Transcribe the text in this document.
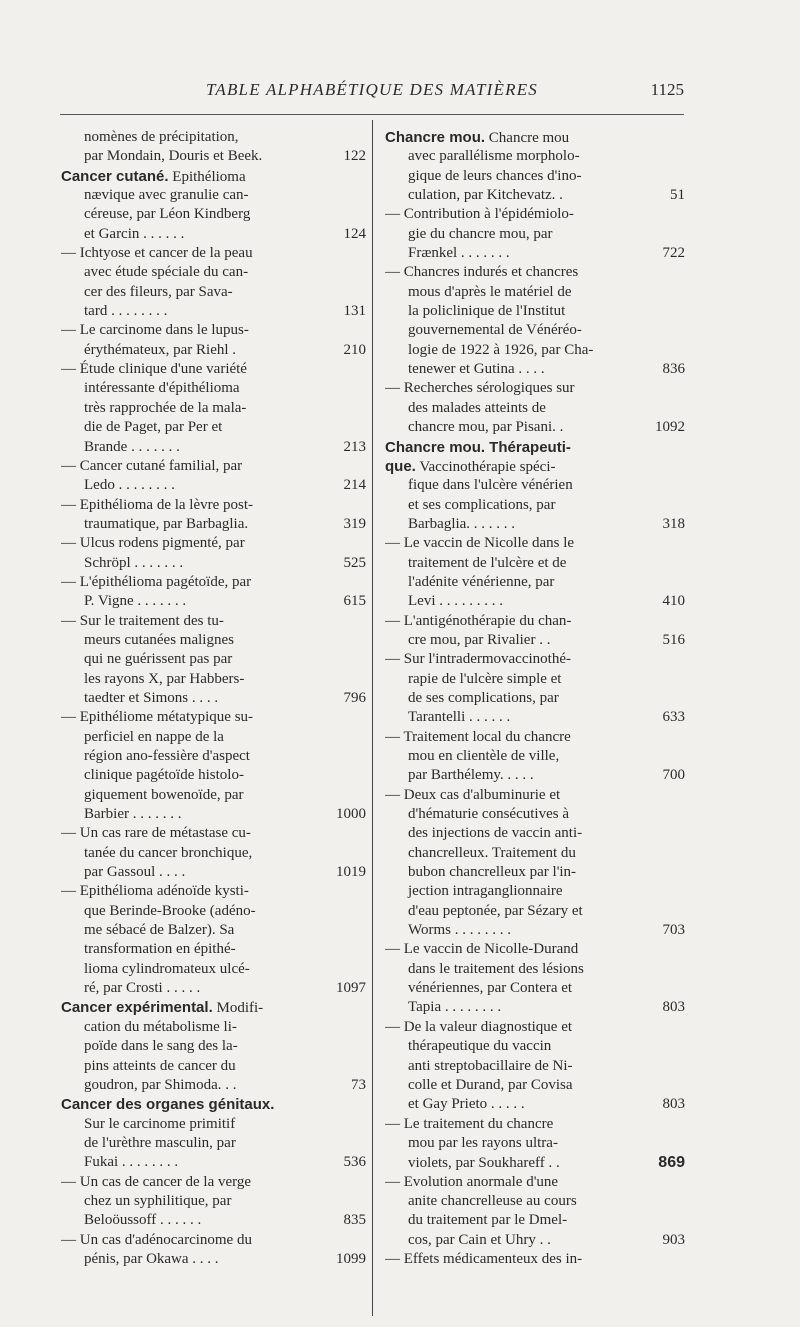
TABLE ALPHABÉTIQUE DES MATIÈRES	1125
nomènes de précipitation,
par Mondain, Douris et Beek.	122
Cancer cutané. Epithélioma
nævique avec granulie can-
céreuse, par Léon Kindberg
et Garcin . . . . . .	124
— Ichtyose et cancer de la peau
avec étude spéciale du can-
cer des fileurs, par Sava-
tard . . . . . . . .	131
— Le carcinome dans le lupus-
érythémateux, par Riehl .	210
— Étude clinique d'une variété
intéressante d'épithélioma
très rapprochée de la mala-
die de Paget, par Per et
Brande . . . . . . .	213
— Cancer cutané familial, par
Ledo . . . . . . . .	214
— Epithélioma de la lèvre post-
traumatique, par Barbaglia.	319
— Ulcus rodens pigmenté, par
Schröpl . . . . . . .	525
— L'épithélioma pagétoïde, par
P. Vigne . . . . . . .	615
— Sur le traitement des tu-
meurs cutanées malignes
qui ne guérissent pas par
les rayons X, par Habbers-
taedter et Simons . . . .	796
— Epithéliome métatypique su-
perficiel en nappe de la
région ano-fessière d'aspect
clinique pagétoïde histolo-
giquement bowenoïde, par
Barbier . . . . . . .	1000
— Un cas rare de métastase cu-
tanée du cancer bronchique,
par Gassoul . . . .	1019
— Epithélioma adénoïde kysti-
que Berinde-Brooke (adéno-
me sébacé de Balzer). Sa
transformation en épithé-
lioma cylindromateux ulcé-
ré, par Crosti . . . . .	1097
Cancer expérimental. Modifi-
cation du métabolisme li-
poïde dans le sang des la-
pins atteints de cancer du
goudron, par Shimoda. . .	73
Cancer des organes génitaux.
Sur le carcinome primitif
de l'urèthre masculin, par
Fukai . . . . . . . .	536
— Un cas de cancer de la verge
chez un syphilitique, par
Beloöussoff . . . . . .	835
— Un cas d'adénocarcinome du
pénis, par Okawa . . . .	1099
Chancre mou. Chancre mou
avec parallélisme morpholo-
gique de leurs chances d'ino-
culation, par Kitchevatz. .	51
— Contribution à l'épidémiolo-
gie du chancre mou, par
Frænkel . . . . . . .	722
— Chancres indurés et chancres
mous d'après le matériel de
la policlinique de l'Institut
gouvernemental de Vénéréo-
logie de 1922 à 1926, par Cha-
tenewer et Gutina . . . .	836
— Recherches sérologiques sur
des malades atteints de
chancre mou, par Pisani. .	1092
Chancre mou. Thérapeuti-
que. Vaccinothérapie spéci-
fique dans l'ulcère vénérien
et ses complications, par
Barbaglia. . . . . . .	318
— Le vaccin de Nicolle dans le
traitement de l'ulcère et de
l'adénite vénérienne, par
Levi . . . . . . . . .	410
— L'antigénothérapie du chan-
cre mou, par Rivalier . .	516
— Sur l'intradermovaccinothé-
rapie de l'ulcère simple et
de ses complications, par
Tarantelli . . . . . .	633
— Traitement local du chancre
mou en clientèle de ville,
par Barthélemy. . . . .	700
— Deux cas d'albuminurie et
d'hématurie consécutives à
des injections de vaccin anti-
chancrelleux. Traitement du
bubon chancrelleux par l'in-
jection intraganglionnaire
d'eau peptonée, par Sézary et
Worms . . . . . . . .	703
— Le vaccin de Nicolle-Durand
dans le traitement des lésions
vénériennes, par Contera et
Tapia . . . . . . . .	803
— De la valeur diagnostique et
thérapeutique du vaccin
anti streptobacillaire de Ni-
colle et Durand, par Covisa
et Gay Prieto . . . . .	803
— Le traitement du chancre
mou par les rayons ultra-
violets, par Soukhareff . .	869
— Evolution anormale d'une
anite chancrelleuse au cours
du traitement par le Dmel-
cos, par Cain et Uhry . .	903
— Effets médicamenteux des in-
